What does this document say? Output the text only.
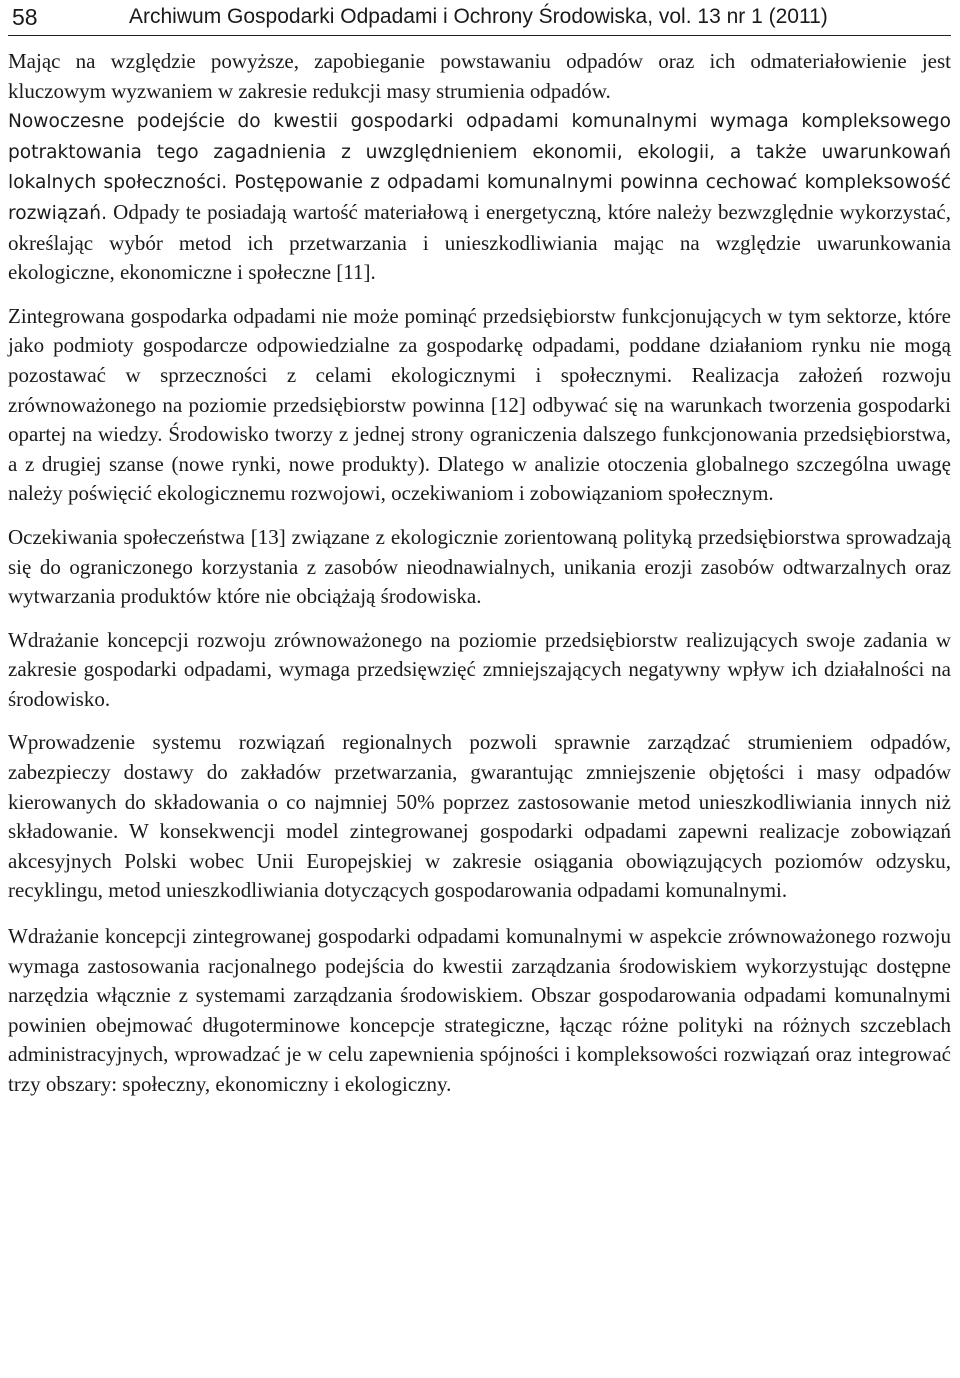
58	Archiwum Gospodarki Odpadami i Ochrony Środowiska, vol. 13 nr 1 (2011)

Mając na względzie powyższe, zapobieganie powstawaniu odpadów oraz ich odmateriałowienie jest kluczowym wyzwaniem w zakresie redukcji masy strumienia odpadów.

Nowoczesne podejście do kwestii gospodarki odpadami komunalnymi wymaga kompleksowego potraktowania tego zagadnienia z uwzględnieniem ekonomii, ekologii, a także uwarunkowań lokalnych społeczności. Postępowanie z odpadami komunalnymi powinna cechować kompleksowość rozwiązań. Odpady te posiadają wartość materiałową i energetyczną, które należy bezwzględnie wykorzystać, określając wybór metod ich przetwarzania i unieszkodliwiania mając na względzie uwarunkowania ekologiczne, ekonomiczne i społeczne [11].

Zintegrowana gospodarka odpadami nie może pominąć przedsiębiorstw funkcjonujących w tym sektorze, które jako podmioty gospodarcze odpowiedzialne za gospodarkę odpadami, poddane działaniom rynku nie mogą pozostawać w sprzeczności z celami ekologicznymi i społecznymi. Realizacja założeń rozwoju zrównoważonego na poziomie przedsiębiorstw powinna [12] odbywać się na warunkach tworzenia gospodarki opartej na wiedzy. Środowisko tworzy z jednej strony ograniczenia dalszego funkcjonowania przedsiębiorstwa, a z drugiej szanse (nowe rynki, nowe produkty). Dlatego w analizie otoczenia globalnego szczególna uwagę należy poświęcić ekologicznemu rozwojowi, oczekiwaniom i zobowiązaniom społecznym.

Oczekiwania społeczeństwa [13] związane z ekologicznie zorientowaną polityką przedsiębiorstwa sprowadzają się do ograniczonego korzystania z zasobów nieodnawialnych, unikania erozji zasobów odtwarzalnych oraz wytwarzania produktów które nie obciążają środowiska.

Wdrażanie koncepcji rozwoju zrównoważonego na poziomie przedsiębiorstw realizujących swoje zadania w zakresie gospodarki odpadami, wymaga przedsięwzięć zmniejszających negatywny wpływ ich działalności na środowisko.

Wprowadzenie systemu rozwiązań regionalnych pozwoli sprawnie zarządzać strumieniem odpadów, zabezpieczy dostawy do zakładów przetwarzania, gwarantując zmniejszenie objętości i masy odpadów kierowanych do składowania o co najmniej 50% poprzez zastosowanie metod unieszkodliwiania innych niż składowanie. W konsekwencji model zintegrowanej gospodarki odpadami zapewni realizacje zobowiązań akcesyjnych Polski wobec Unii Europejskiej w zakresie osiągania obowiązujących poziomów odzysku, recyklingu, metod unieszkodliwiania dotyczących gospodarowania odpadami komunalnymi.

Wdrażanie koncepcji zintegrowanej gospodarki odpadami komunalnymi w aspekcie zrównoważonego rozwoju wymaga zastosowania racjonalnego podejścia do kwestii zarządzania środowiskiem wykorzystując dostępne narzędzia włącznie z systemami zarządzania środowiskiem. Obszar gospodarowania odpadami komunalnymi powinien obejmować długoterminowe koncepcje strategiczne, łącząc różne polityki na różnych szczeblach administracyjnych, wprowadzać je w celu zapewnienia spójności i kompleksowości rozwiązań oraz integrować trzy obszary: społeczny, ekonomiczny i ekologiczny.
